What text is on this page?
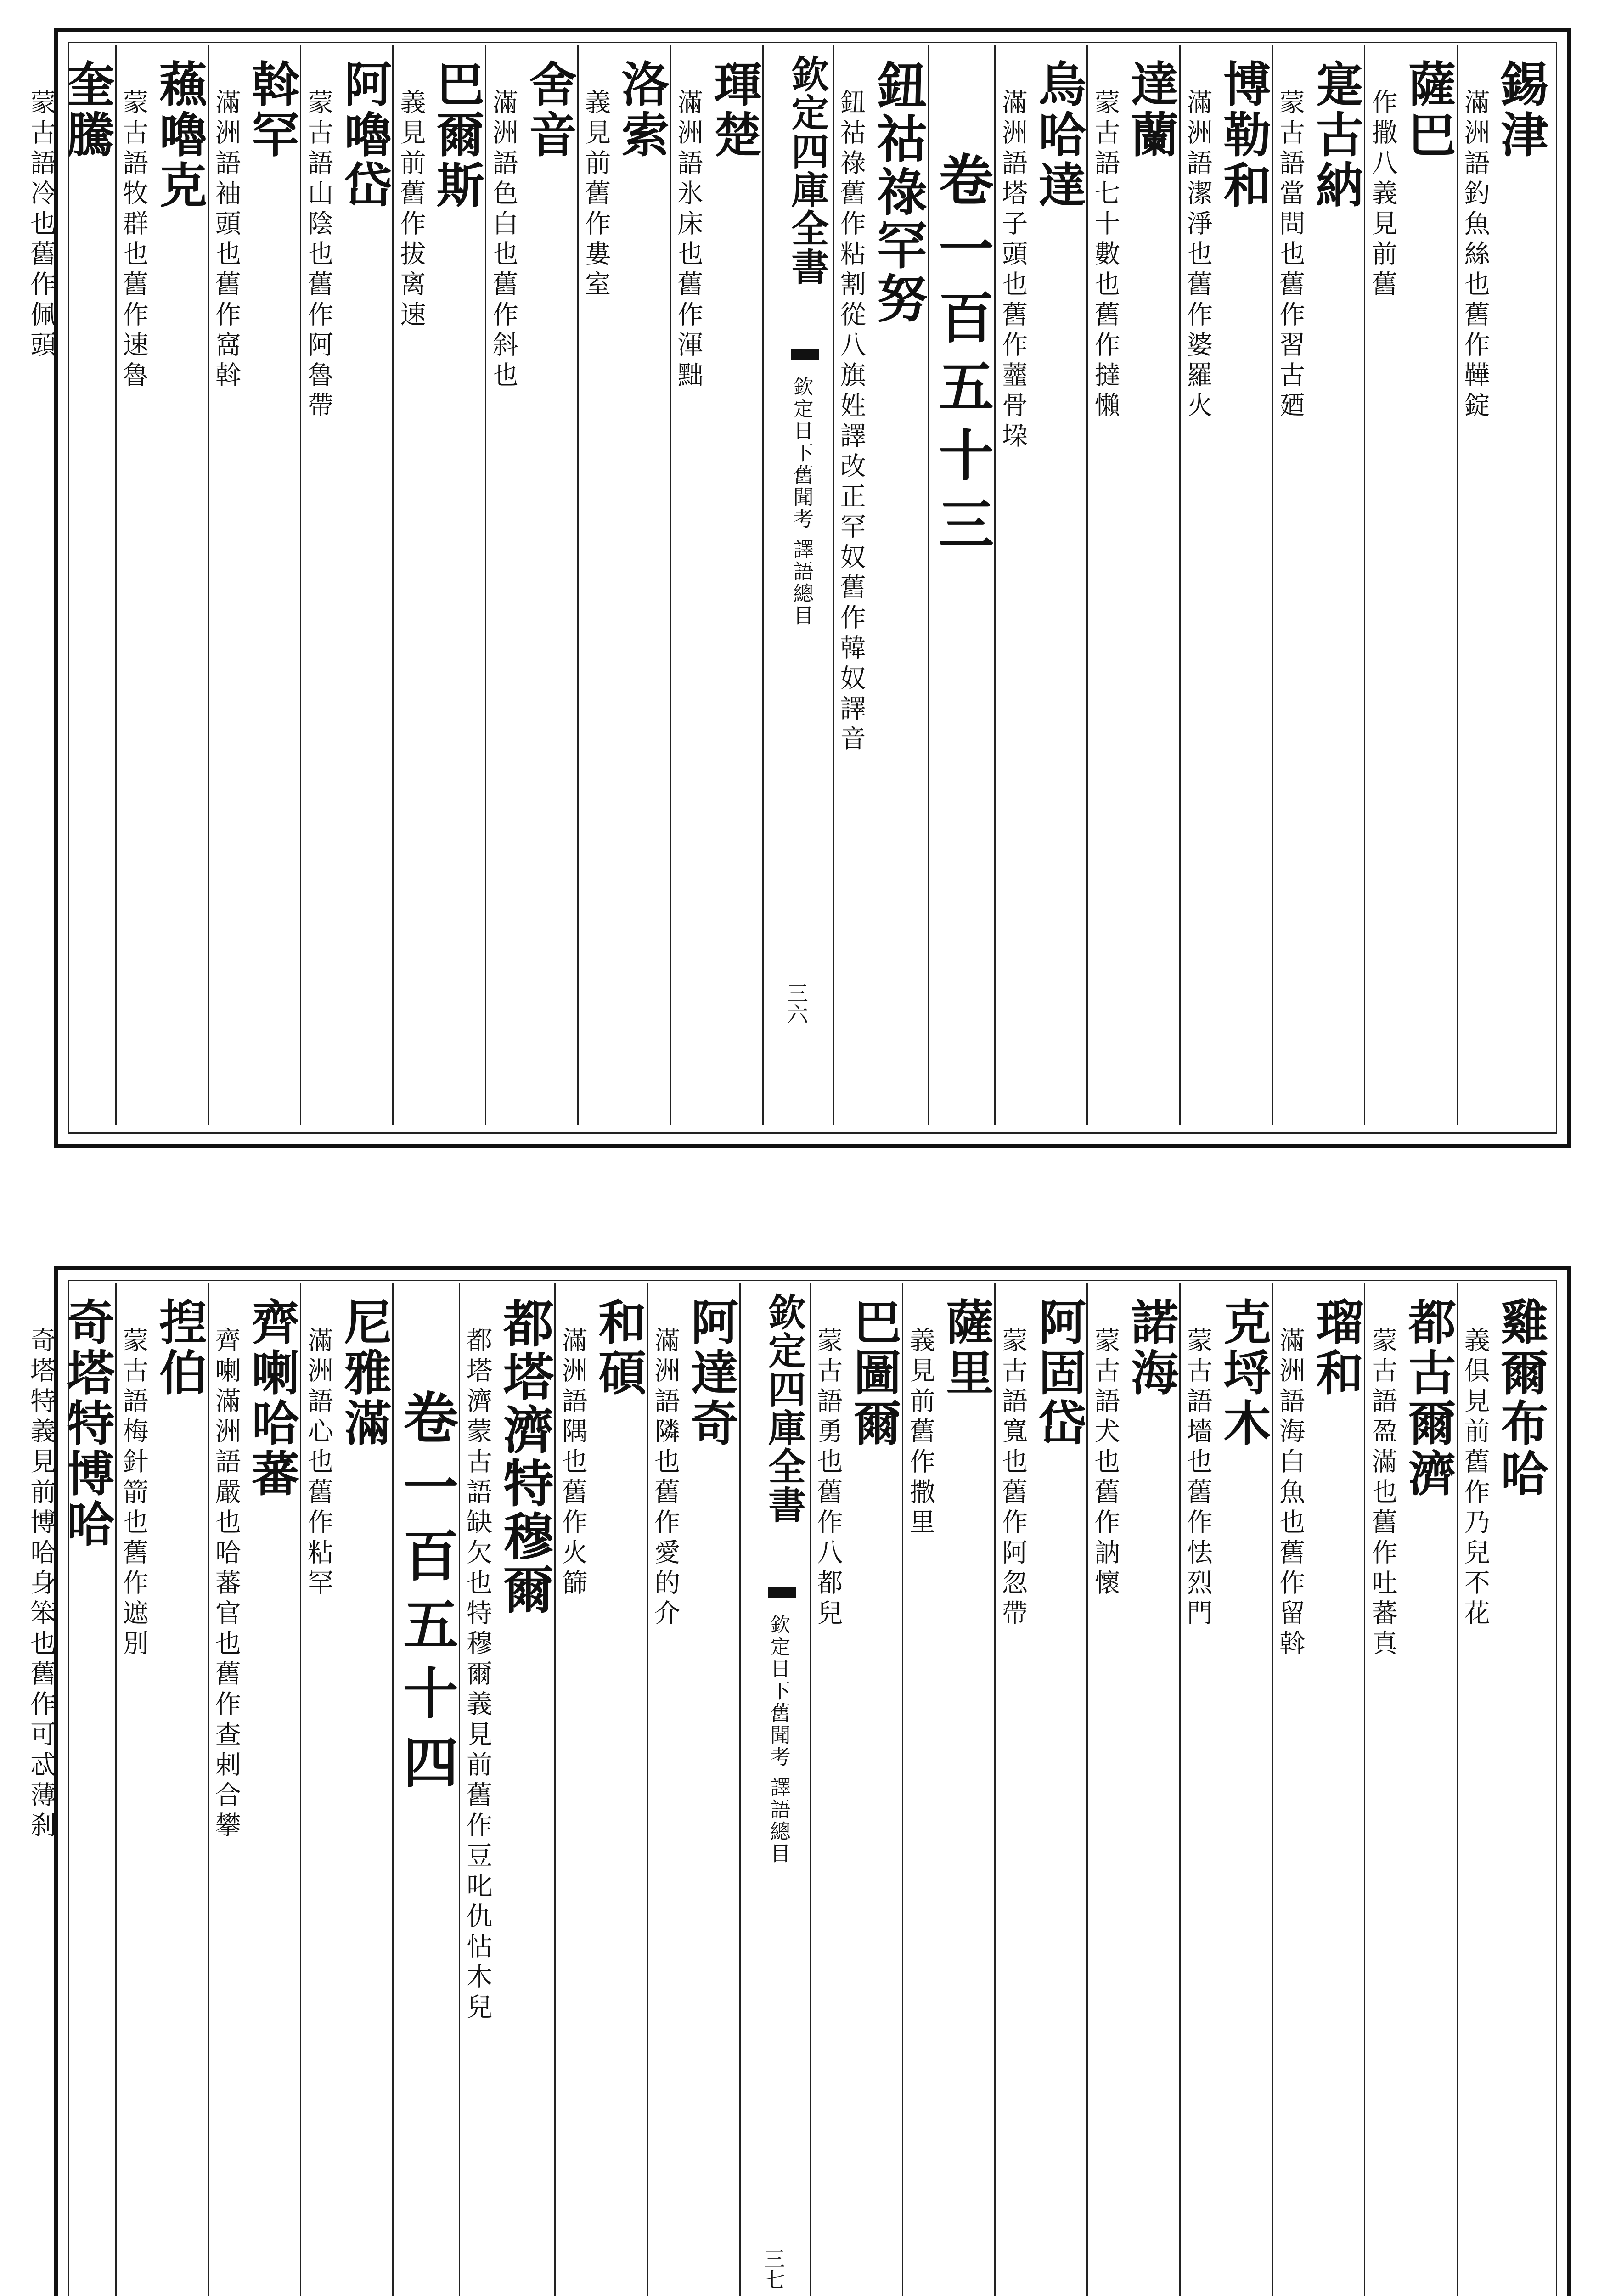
錫津
滿洲語釣魚絲也舊作鞾錠
薩巴
作撒八義見前舊
寔古納
蒙古語當問也舊作習古廼
博勒和
滿洲語潔淨也舊作婆羅火
達蘭
蒙古語七十數也舊作撻懶
烏哈達
滿洲語塔子頭也舊作虀骨垜
卷一百五十三
鈕祜祿罕努
鈕祜祿舊作粘割從八旗姓譯改正罕奴舊作韓奴譯音
欽定四庫全書
欽定日下舊聞考 譯語總目
三六
琿楚
滿洲語氷床也舊作渾黜
洛索
義見前舊作婁室
舍音
滿洲語色白也舊作斜也
巴爾斯
義見前舊作拔离速
阿嚕岱
蒙古語山陰也舊作阿魯帶
斡罕
滿洲語袖頭也舊作窩斡
蘓嚕克
蒙古語牧群也舊作速魯
奎騰
蒙古語冷也舊作佩頭
雞爾布哈
義俱見前舊作乃兒不花
都古爾濟
蒙古語盈滿也舊作吐蕃真
瑠和
滿洲語海白魚也舊作留斡
克埒木
蒙古語墻也舊作怯烈門
諾海
蒙古語犬也舊作訥懷
阿固岱
蒙古語寬也舊作阿忽帶
薩里
義見前舊作撒里
巴圖爾
蒙古語勇也舊作八都兒
欽定四庫全書
欽定日下舊聞考 譯語總目
三七
阿達奇
滿洲語隣也舊作愛的介
和碩
滿洲語隅也舊作火篩
都塔濟特穆爾
都塔濟蒙古語缺欠也特穆爾義見前舊作豆叱仇怗木兒
卷一百五十四
尼雅滿
滿洲語心也舊作粘罕
齊喇哈蕃
齊喇滿洲語嚴也哈蕃官也舊作查剌合攀
揑伯
蒙古語梅針箭也舊作遮別
奇塔特博哈
奇塔特義見前博哈身笨也舊作可忒薄刹
